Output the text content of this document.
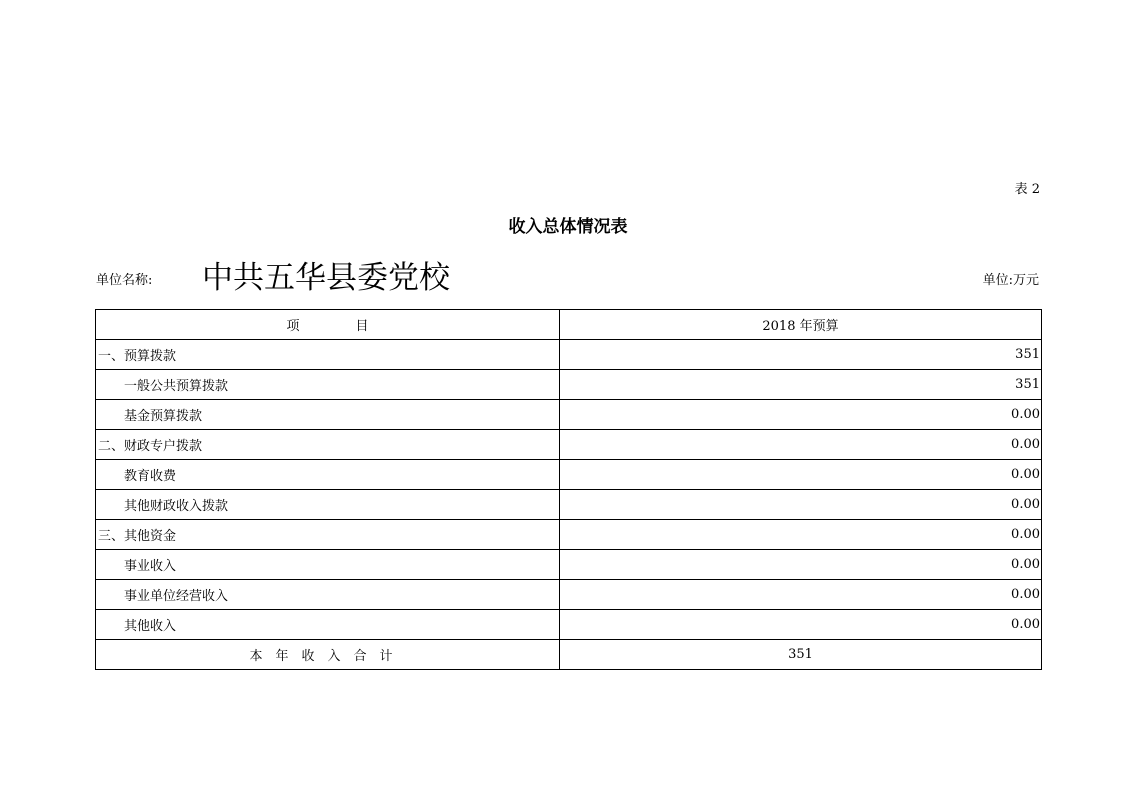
表 2
收入总体情况表
单位名称: 中共五华县委党校	单位:万元
项 目	2018 年预算
一、预算拨款	351
一般公共预算拨款	351
基金预算拨款	0.00
二、财政专户拨款	0.00
教育收费	0.00
其他财政收入拨款	0.00
三、其他资金	0.00
事业收入	0.00
事业单位经营收入	0.00
其他收入	0.00
本年收入合计	351
